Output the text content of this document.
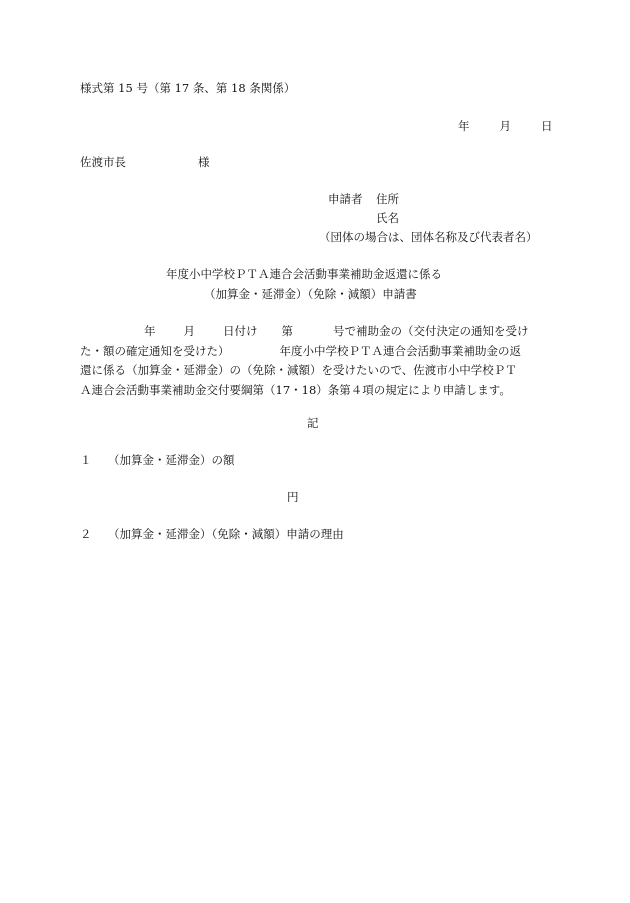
様式第 15 号（第 17 条、第 18 条関係）
年	月	日
佐渡市長	様
申請者 住所
氏名
（団体の場合は、団体名称及び代表者名）
年度小中学校ＰＴＡ連合会活動事業補助金返還に係る
（加算金・延滞金）（免除・減額）申請書
年 月 日付け 第	号で補助金の（交付決定の通知を受け
た・額の確定通知を受けた）	年度小中学校ＰＴＡ連合会活動事業補助金の返
還に係る（加算金・延滞金）の（免除・減額）を受けたいので、佐渡市小中学校ＰＴ
Ａ連合会活動事業補助金交付要綱第（17・18）条第４項の規定により申請します。
記
１ （加算金・延滞金）の額
円
２ （加算金・延滞金）（免除・減額）申請の理由
